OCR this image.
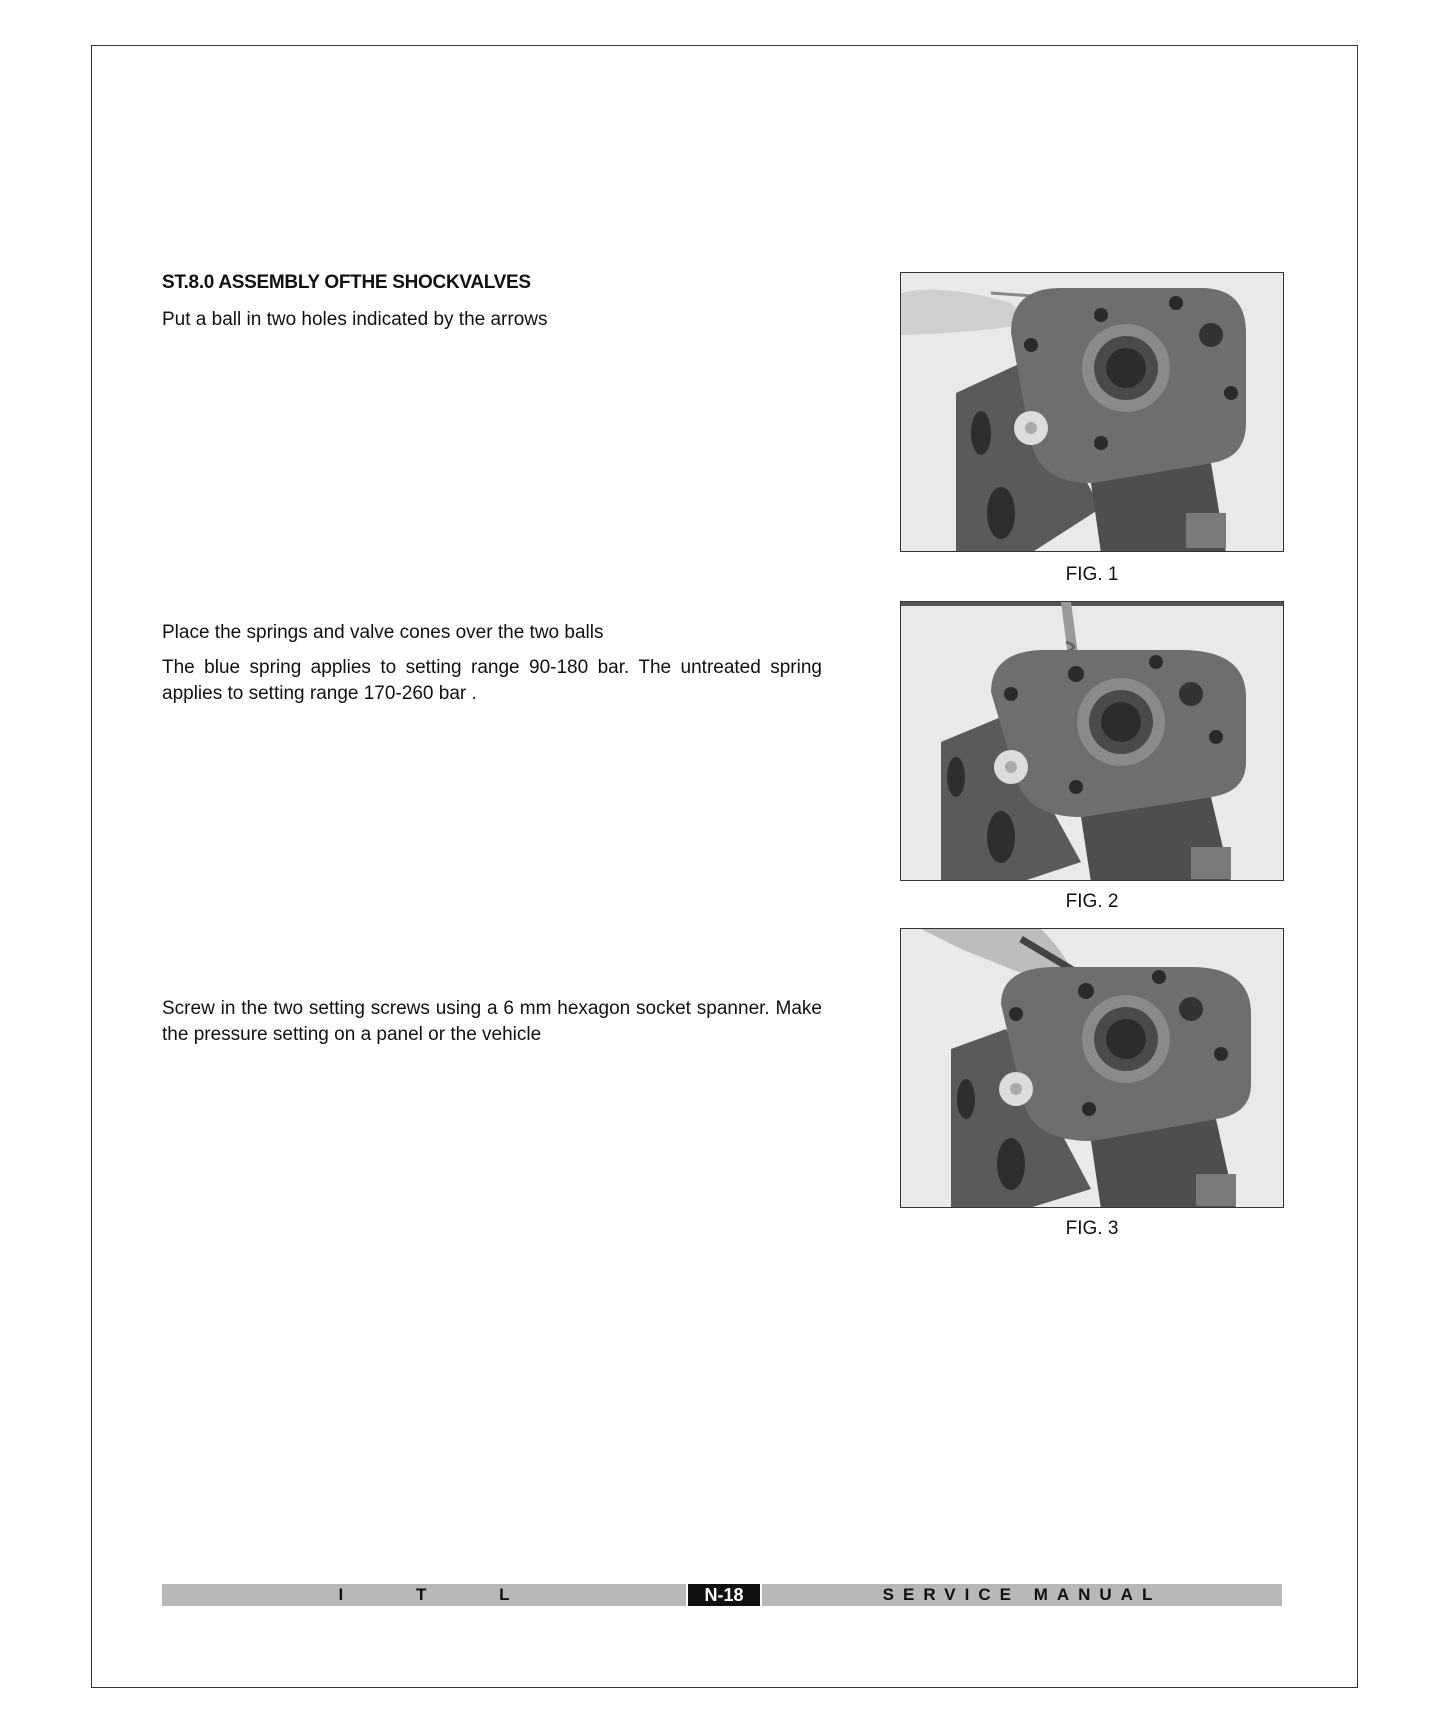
ST.8.0 ASSEMBLY OFTHE SHOCKVALVES
Put a ball in two holes indicated by the arrows
Place the springs and valve cones over the two balls
The blue spring applies to setting range 90-180 bar. The untreated spring applies to setting range 170-260 bar .
Screw in the two setting screws using a 6 mm hexagon socket spanner. Make the pressure setting on a panel or the vehicle
FIG. 1
FIG. 2
FIG. 3
I T L	N-18	SERVICE MANUAL
